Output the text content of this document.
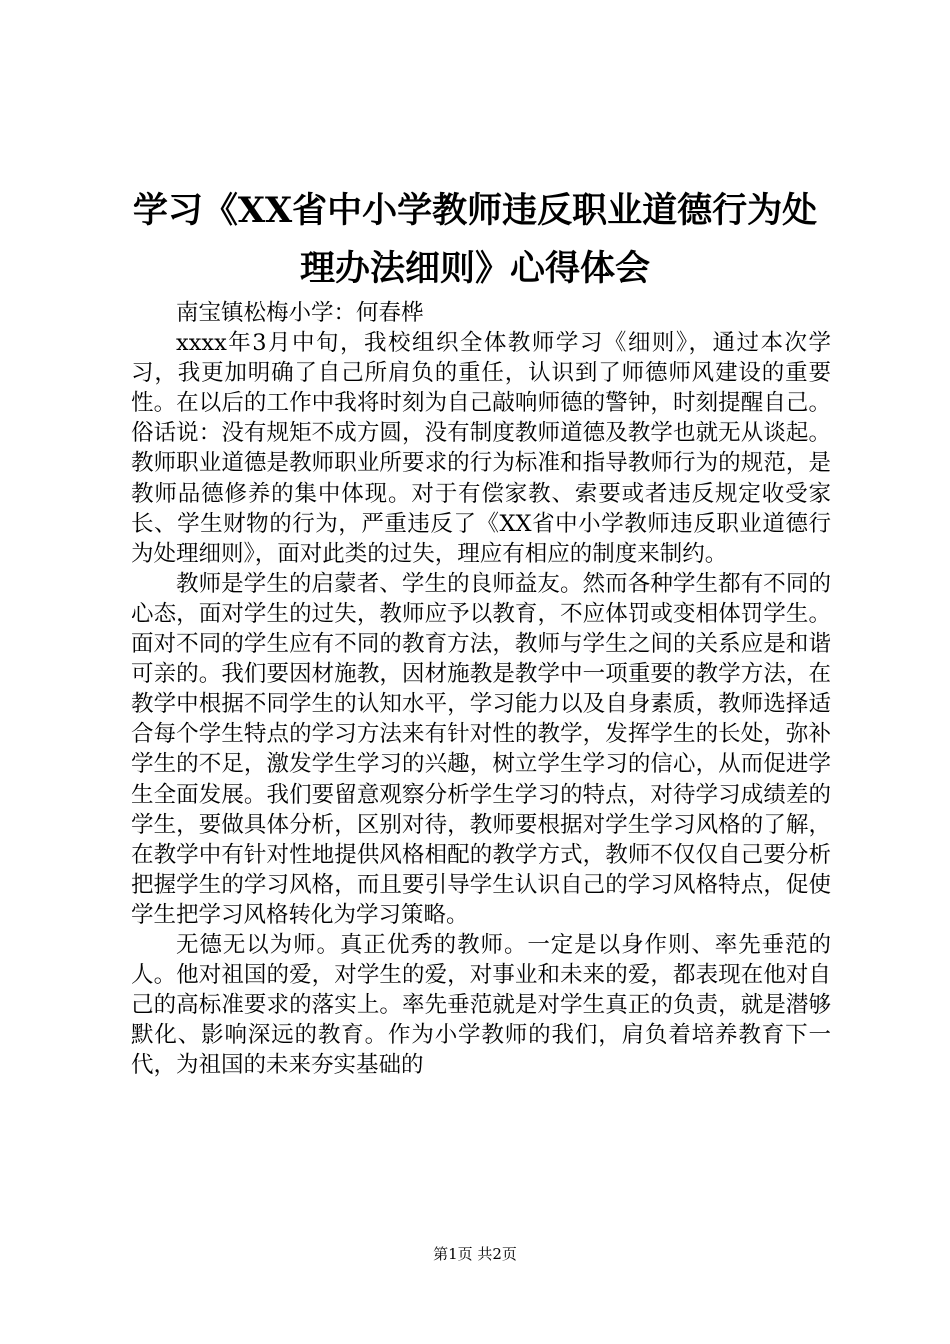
学习《XX省中小学教师违反职业道德行为处
理办法细则》心得体会

南宝镇松梅小学：何春桦

xxxx年3月中旬，我校组织全体教师学习《细则》，通过本次学习，我更加明确了自己所肩负的重任，认识到了师德师风建设的重要性。在以后的工作中我将时刻为自己敲响师德的警钟，时刻提醒自己。俗话说：没有规矩不成方圆，没有制度教师道德及教学也就无从谈起。教师职业道德是教师职业所要求的行为标准和指导教师行为的规范，是教师品德修养的集中体现。对于有偿家教、索要或者违反规定收受家长、学生财物的行为，严重违反了《XX省中小学教师违反职业道德行为处理细则》，面对此类的过失，理应有相应的制度来制约。

教师是学生的启蒙者、学生的良师益友。然而各种学生都有不同的心态，面对学生的过失，教师应予以教育，不应体罚或变相体罚学生。面对不同的学生应有不同的教育方法，教师与学生之间的关系应是和谐可亲的。我们要因材施教，因材施教是教学中一项重要的教学方法，在教学中根据不同学生的认知水平，学习能力以及自身素质，教师选择适合每个学生特点的学习方法来有针对性的教学，发挥学生的长处，弥补学生的不足，激发学生学习的兴趣，树立学生学习的信心，从而促进学生全面发展。我们要留意观察分析学生学习的特点，对待学习成绩差的学生，要做具体分析，区别对待，教师要根据对学生学习风格的了解，在教学中有针对性地提供风格相配的教学方式，教师不仅仅自己要分析把握学生的学习风格，而且要引导学生认识自己的学习风格特点，促使学生把学习风格转化为学习策略。

无德无以为师。真正优秀的教师。一定是以身作则、率先垂范的人。他对祖国的爱，对学生的爱，对事业和未来的爱，都表现在他对自己的高标准要求的落实上。率先垂范就是对学生真正的负责，就是潜够默化、影响深远的教育。作为小学教师的我们，肩负着培养教育下一代，为祖国的未来夯实基础的

第1页 共2页
